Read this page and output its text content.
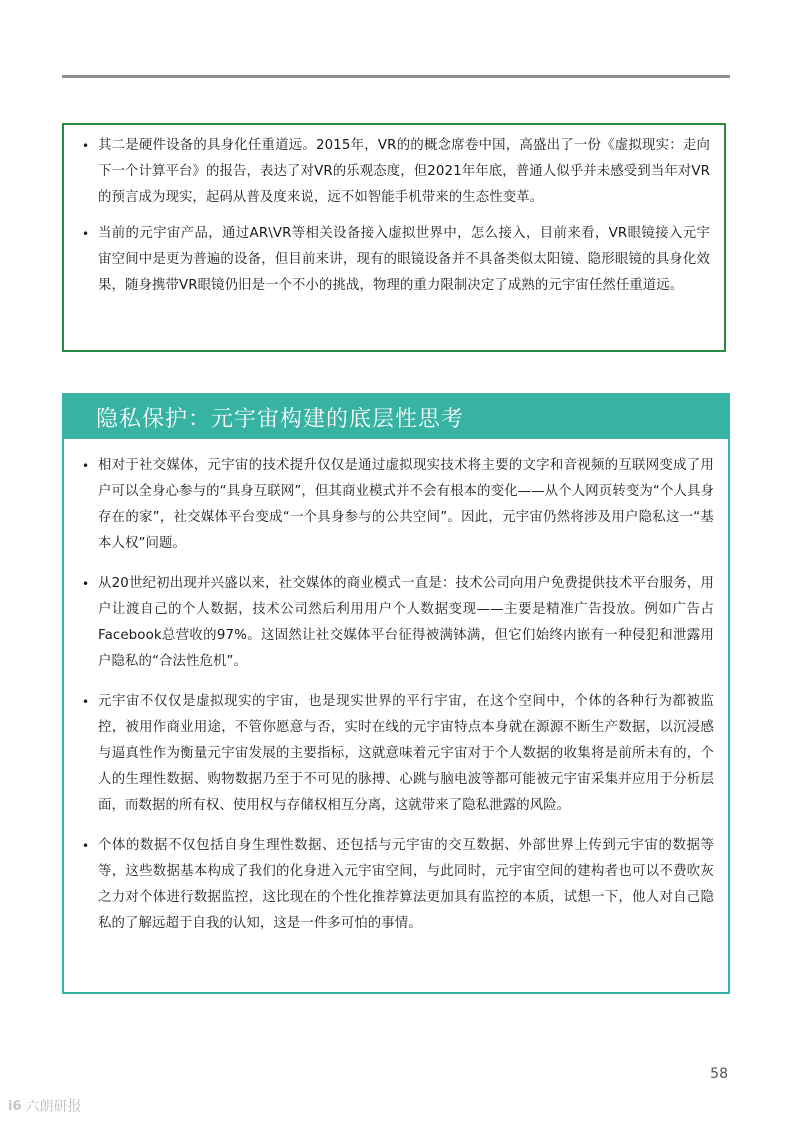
• 其二是硬件设备的具身化任重道远。2015年，VR的的概念席卷中国，高盛出了一份《虚拟现实：走向下一个计算平台》的报告，表达了对VR的乐观态度，但2021年年底，普通人似乎并未感受到当年对VR的预言成为现实，起码从普及度来说，远不如智能手机带来的生态性变革。
• 当前的元宇宙产品，通过AR\VR等相关设备接入虚拟世界中，怎么接入，目前来看，VR眼镜接入元宇宙空间中是更为普遍的设备，但目前来讲，现有的眼镜设备并不具备类似太阳镜、隐形眼镜的具身化效果，随身携带VR眼镜仍旧是一个不小的挑战，物理的重力限制决定了成熟的元宇宙任然任重道远。
隐私保护：元宇宙构建的底层性思考
• 相对于社交媒体，元宇宙的技术提升仅仅是通过虚拟现实技术将主要的文字和音视频的互联网变成了用户可以全身心参与的“具身互联网”，但其商业模式并不会有根本的变化——从个人网页转变为“个人具身存在的家”，社交媒体平台变成“一个具身参与的公共空间”。因此，元宇宙仍然将涉及用户隐私这一“基本人权”问题。
• 从20世纪初出现并兴盛以来，社交媒体的商业模式一直是：技术公司向用户免费提供技术平台服务，用户让渡自己的个人数据，技术公司然后利用用户个人数据变现——主要是精准广告投放。例如广告占Facebook总营收的97%。这固然让社交媒体平台征得被满钵满，但它们始终内嵌有一种侵犯和泄露用户隐私的“合法性危机”。
• 元宇宙不仅仅是虚拟现实的宇宙，也是现实世界的平行宇宙，在这个空间中，个体的各种行为都被监控，被用作商业用途，不管你愿意与否，实时在线的元宇宙特点本身就在源源不断生产数据，以沉浸感与逼真性作为衡量元宇宙发展的主要指标，这就意味着元宇宙对于个人数据的收集将是前所未有的，个人的生理性数据、购物数据乃至于不可见的脉搏、心跳与脑电波等都可能被元宇宙采集并应用于分析层面，而数据的所有权、使用权与存储权相互分离，这就带来了隐私泄露的风险。
• 个体的数据不仅包括自身生理性数据、还包括与元宇宙的交互数据、外部世界上传到元宇宙的数据等等，这些数据基本构成了我们的化身进入元宇宙空间，与此同时，元宇宙空间的建构者也可以不费吹灰之力对个体进行数据监控，这比现在的个性化推荐算法更加具有监控的本质，试想一下，他人对自己隐私的了解远超于自我的认知，这是一件多可怕的事情。
58
i6 六朗研报
